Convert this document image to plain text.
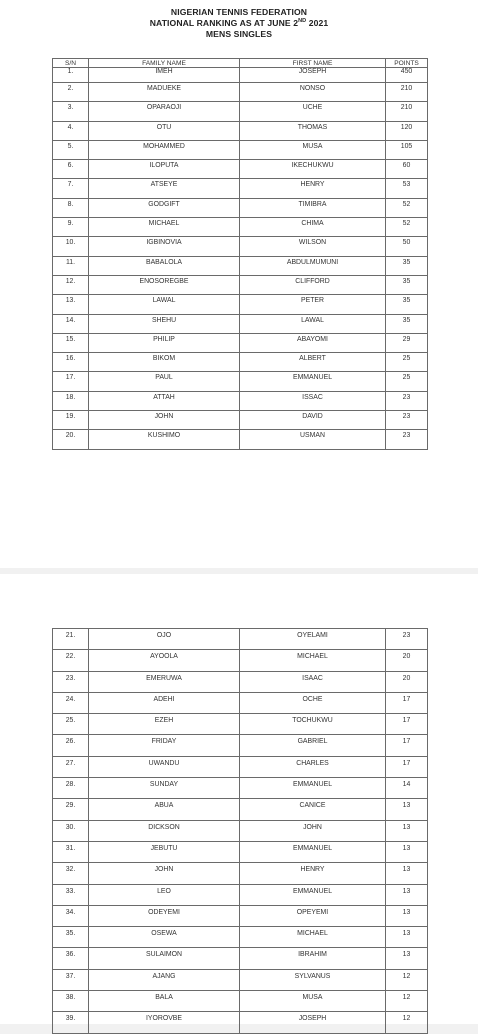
NIGERIAN TENNIS FEDERATION
NATIONAL RANKING AS AT JUNE 2ND 2021
MENS SINGLES
S/N	FAMILY NAME	FIRST NAME	POINTS
1.	IMEH	JOSEPH	450
2.	MADUEKE	NONSO	210
3.	OPARAOJI	UCHE	210
4.	OTU	THOMAS	120
5.	MOHAMMED	MUSA	105
6.	ILOPUTA	IKECHUKWU	60
7.	ATSEYE	HENRY	53
8.	GODGIFT	TIMIBRA	52
9.	MICHAEL	CHIMA	52
10.	IGBINOVIA	WILSON	50
11.	BABALOLA	ABDULMUMUNI	35
12.	ENOSOREGBE	CLIFFORD	35
13.	LAWAL	PETER	35
14.	SHEHU	LAWAL	35
15.	PHILIP	ABAYOMI	29
16.	BIKOM	ALBERT	25
17.	PAUL	EMMANUEL	25
18.	ATTAH	ISSAC	23
19.	JOHN	DAVID	23
20.	KUSHIMO	USMAN	23
21.	OJO	OYELAMI	23
22.	AYOOLA	MICHAEL	20
23.	EMERUWA	ISAAC	20
24.	ADEHI	OCHE	17
25.	EZEH	TOCHUKWU	17
26.	FRIDAY	GABRIEL	17
27.	UWANDU	CHARLES	17
28.	SUNDAY	EMMANUEL	14
29.	ABUA	CANICE	13
30.	DICKSON	JOHN	13
31.	JEBUTU	EMMANUEL	13
32.	JOHN	HENRY	13
33.	LEO	EMMANUEL	13
34.	ODEYEMI	OPEYEMI	13
35.	OSEWA	MICHAEL	13
36.	SULAIMON	IBRAHIM	13
37.	AJANG	SYLVANUS	12
38.	BALA	MUSA	12
39.	IYOROVBE	JOSEPH	12
